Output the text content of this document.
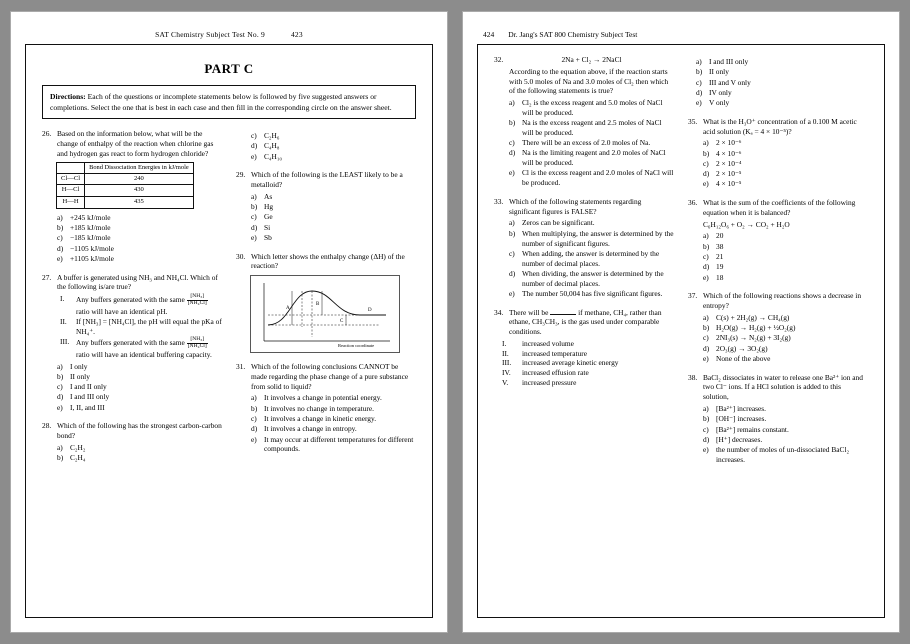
SAT Chemistry Subject Test No. 9	423
PART C
Directions: Each of the questions or incomplete statements below is followed by five suggested answers or completions. Select the one that is best in each case and then fill in the corresponding circle on the answer sheet.
26. Based on the information below, what will be the change of enthalpy of the reaction when chlorine gas and hydrogen gas react to form hydrogen chloride?
	Bond Dissociation Energies in kJ/mole
Cl—Cl	240
H—Cl	430
H—H	435
a) +245 kJ/mole
b) +185 kJ/mole
c) −185 kJ/mole
d) −1105 kJ/mole
e) +1105 kJ/mole
27. A buffer is generated using NH₃ and NH₄Cl. Which of the following is/are true?
I.	Any buffers generated with the same $\frac{\text{[NH₃]}}{\text{[NH₄Cl]}}$
ratio will have an identical pH.
II.	If [NH₃] = [NH₄Cl], the pH will equal the pKa of NH₄⁺.
III. Any buffers generated with the same $\frac{\text{[NH₃]}}{\text{[NH₄Cl]}}$
ratio will have an identical buffering capacity.
a) I only
b) II only
c) I and II only
d) I and III only
e) I, II, and III
28. Which of the following has the strongest carbon-carbon bond?
a) C₂H₂
b) C₂H₄
c) C₂H₆
d) C₄H₈
e) C₄H₁₀
29. Which of the following is the LEAST likely to be a metalloid?
a) As
b) Hg
c) Ge
d) Si
e) Sb
30. Which letter shows the enthalpy change (ΔH) of the reaction?
A
B
C
D
Reaction coordinate
31. Which of the following conclusions CANNOT be made regarding the phase change of a pure substance from solid to liquid?
a) It involves a change in potential energy.
b) It involves no change in temperature.
c) It involves a change in kinetic energy.
d) It involves a change in entropy.
e) It may occur at different temperatures for different compounds.
424 Dr. Jang's SAT 800 Chemistry Subject Test
32.	2Na + Cl₂ → 2NaCl
According to the equation above, if the reaction starts with 5.0 moles of Na and 3.0 moles of Cl₂ then which of the following statements is true?
a) Cl₂ is the excess reagent and 5.0 moles of NaCl will be produced.
b) Na is the excess reagent and 2.5 moles of NaCl will be produced.
c) There will be an excess of 2.0 moles of Na.
d) Na is the limiting reagent and 2.0 moles of NaCl will be produced.
e) Cl is the excess reagent and 2.0 moles of NaCl will be produced.
33. Which of the following statements regarding significant figures is FALSE?
a) Zeros can be significant.
b) When multiplying, the answer is determined by the number of significant figures.
c) When adding, the answer is determined by the number of decimal places.
d) When dividing, the answer is determined by the number of decimal places.
e) The number 50,004 has five significant figures.
34. There will be	if methane, CH₄, rather than ethane, CH₃CH₃, is the gas used under comparable conditions.
I.	increased volume
II.	increased temperature
III.	increased average kinetic energy
IV.	increased effusion rate
V.	increased pressure
a) I and III only
b) II only
c) III and V only
d) IV only
e) V only
35. What is the H₃O⁺ concentration of a 0.100 M acetic acid solution (Kₐ = 4 × 10⁻⁵)?
a) 2 × 10⁻⁶
b) 4 × 10⁻⁶
c) 2 × 10⁻⁴
d) 2 × 10⁻⁵
e) 4 × 10⁻⁵
36. What is the sum of the coefficients of the following equation when it is balanced?
C₆H₁₂O₆ + O₂ → CO₂ + H₂O
a) 20
b) 38
c) 21
d) 19
e) 18
37. Which of the following reactions shows a decrease in entropy?
a) C(s) + 2H₂(g) → CH₄(g)
b) H₂O(g) → H₂(g) + ½O₂(g)
c) 2NI₃(s) → N₂(g) + 3I₂(g)
d) 2O₃(g) → 3O₂(g)
e) None of the above
38. BaCl₂ dissociates in water to release one Ba²⁺ ion and two Cl⁻ ions. If a HCl solution is added to this solution,
a) [Ba²⁺] increases.
b) [OH⁻] increases.
c) [Ba²⁺] remains constant.
d) [H⁺] decreases.
e) the number of moles of un-dissociated BaCl₂ increases.
